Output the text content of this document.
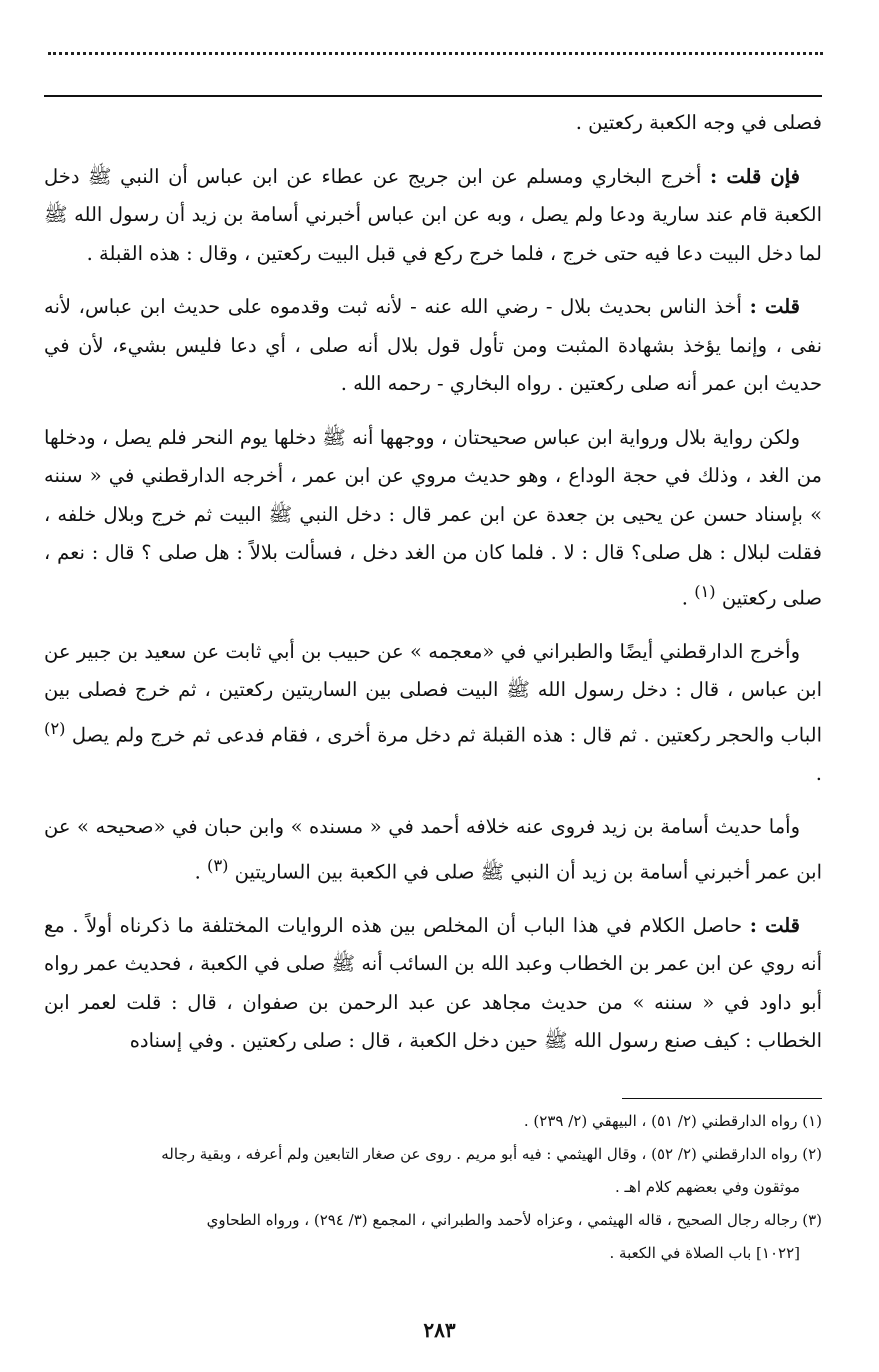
فصلى في وجه الكعبة ركعتين .

فإن قلت : أخرج البخاري ومسلم عن ابن جريج عن عطاء عن ابن عباس أن النبي ﷺ دخل الكعبة قام عند سارية ودعا ولم يصل ، وبه عن ابن عباس أخبرني أسامة بن زيد أن رسول الله ﷺ لما دخل البيت دعا فيه حتى خرج ، فلما خرج ركع في قبل البيت ركعتين ، وقال : هذه القبلة .

قلت : أخذ الناس بحديث بلال - رضي الله عنه - لأنه ثبت وقدموه على حديث ابن عباس، لأنه نفى ، وإنما يؤخذ بشهادة المثبت ومن تأول قول بلال أنه صلى ، أي دعا فليس بشيء، لأن في حديث ابن عمر أنه صلى ركعتين . رواه البخاري - رحمه الله .

ولكن رواية بلال ورواية ابن عباس صحيحتان ، ووجهها أنه ﷺ دخلها يوم النحر فلم يصل ، ودخلها من الغد ، وذلك في حجة الوداع ، وهو حديث مروي عن ابن عمر ، أخرجه الدارقطني في « سننه » بإسناد حسن عن يحيى بن جعدة عن ابن عمر قال : دخل النبي ﷺ البيت ثم خرج وبلال خلفه ، فقلت لبلال : هل صلى؟ قال : لا . فلما كان من الغد دخل ، فسألت بلالاً : هل صلى ؟ قال : نعم ، صلى ركعتين $^{(١)}$ .

وأخرج الدارقطني أيضًا والطبراني في «معجمه » عن حبيب بن أبي ثابت عن سعيد بن جبير عن ابن عباس ، قال : دخل رسول الله ﷺ البيت فصلى بين الساريتين ركعتين ، ثم خرج فصلى بين الباب والحجر ركعتين . ثم قال : هذه القبلة ثم دخل مرة أخرى ، فقام فدعى ثم خرج ولم يصل $^{(٢)}$ .

وأما حديث أسامة بن زيد فروى عنه خلافه أحمد في « مسنده » وابن حبان في «صحيحه » عن ابن عمر أخبرني أسامة بن زيد أن النبي ﷺ صلى في الكعبة بين الساريتين $^{(٣)}$ .

قلت : حاصل الكلام في هذا الباب أن المخلص بين هذه الروايات المختلفة ما ذكرناه أولاً . مع أنه روي عن ابن عمر بن الخطاب وعبد الله بن السائب أنه ﷺ صلى في الكعبة ، فحديث عمر رواه أبو داود في « سننه » من حديث مجاهد عن عبد الرحمن بن صفوان ، قال : قلت لعمر ابن الخطاب : كيف صنع رسول الله ﷺ حين دخل الكعبة ، قال : صلى ركعتين . وفي إسناده

(١) رواه الدارقطني (٢/ ٥١) ، البيهقي (٢/ ٢٣٩) .

(٢) رواه الدارقطني (٢/ ٥٢) ، وقال الهيثمي : فيه أبو مريم . روى عن صغار التابعين ولم أعرفه ، وبقية رجاله

موثقون وفي بعضهم كلام اهـ .

(٣) رجاله رجال الصحيح ، قاله الهيثمي ، وعزاه لأحمد والطبراني ، المجمع (٣/ ٢٩٤) ، ورواه الطحاوي

[١٠٢٢] باب الصلاة في الكعبة .

٢٨٣
